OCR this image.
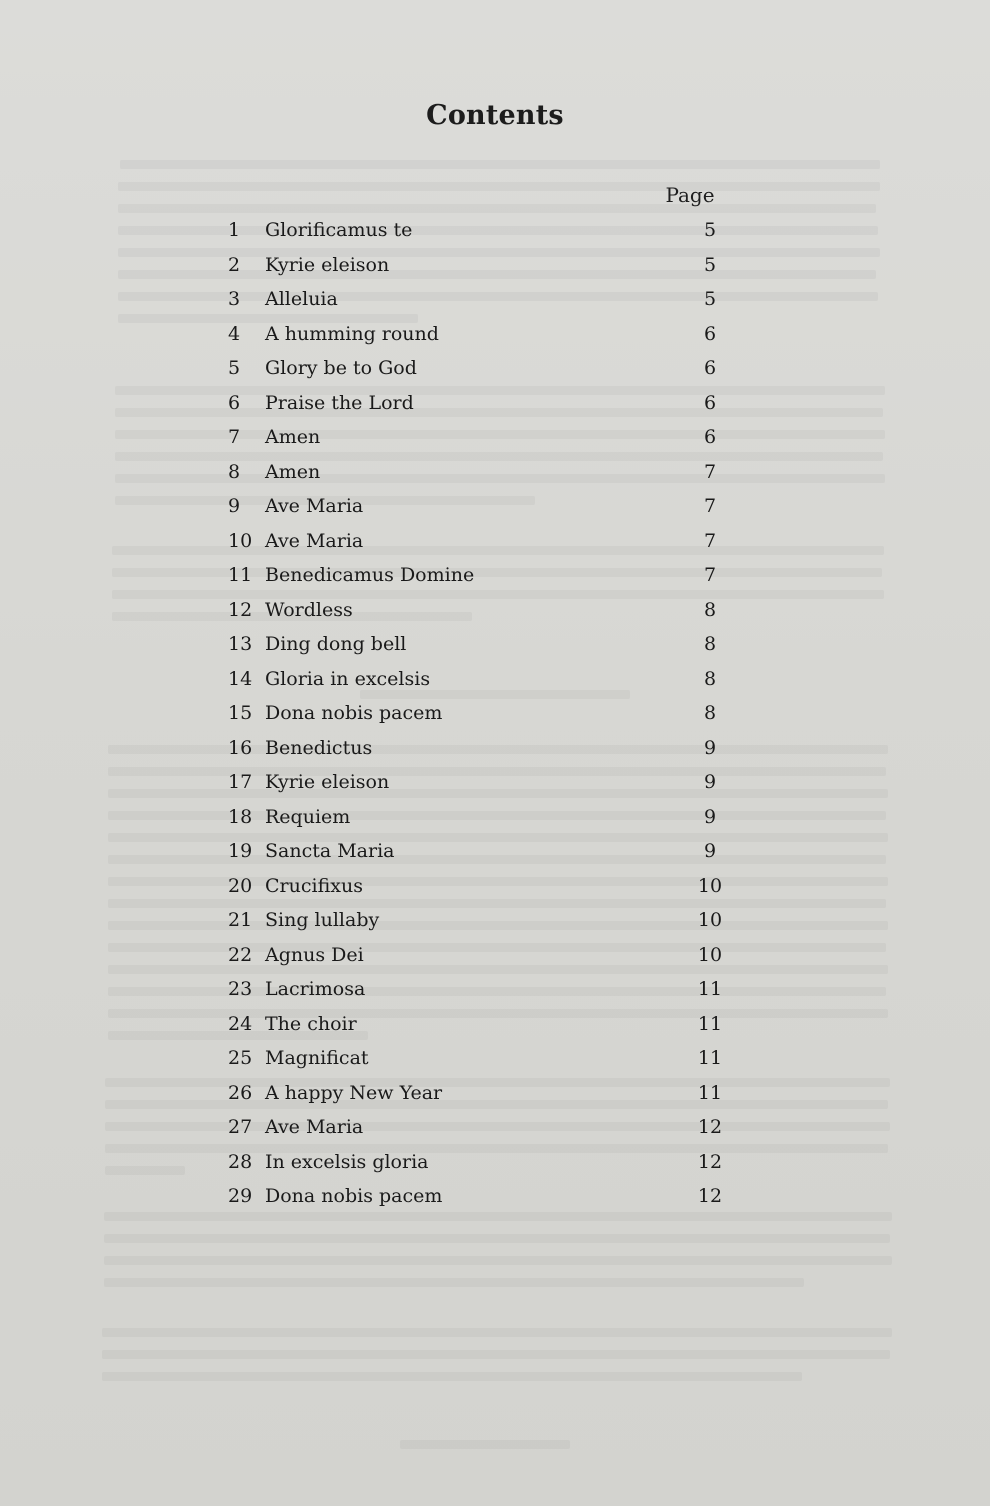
Contents
Page
1	Glorificamus te	5
2	Kyrie eleison	5
3	Alleluia	5
4	A humming round	6
5	Glory be to God	6
6	Praise the Lord	6
7	Amen	6
8	Amen	7
9	Ave Maria	7
10 Ave Maria	7
11 Benedicamus Domine	7
12 Wordless	8
13 Ding dong bell	8
14 Gloria in excelsis	8
15 Dona nobis pacem	8
16 Benedictus	9
17 Kyrie eleison	9
18 Requiem	9
19 Sancta Maria	9
20 Crucifixus	10
21 Sing lullaby	10
22 Agnus Dei	10
23 Lacrimosa	11
24 The choir	11
25 Magnificat	11
26 A happy New Year	11
27 Ave Maria	12
28 In excelsis gloria	12
29 Dona nobis pacem	12
